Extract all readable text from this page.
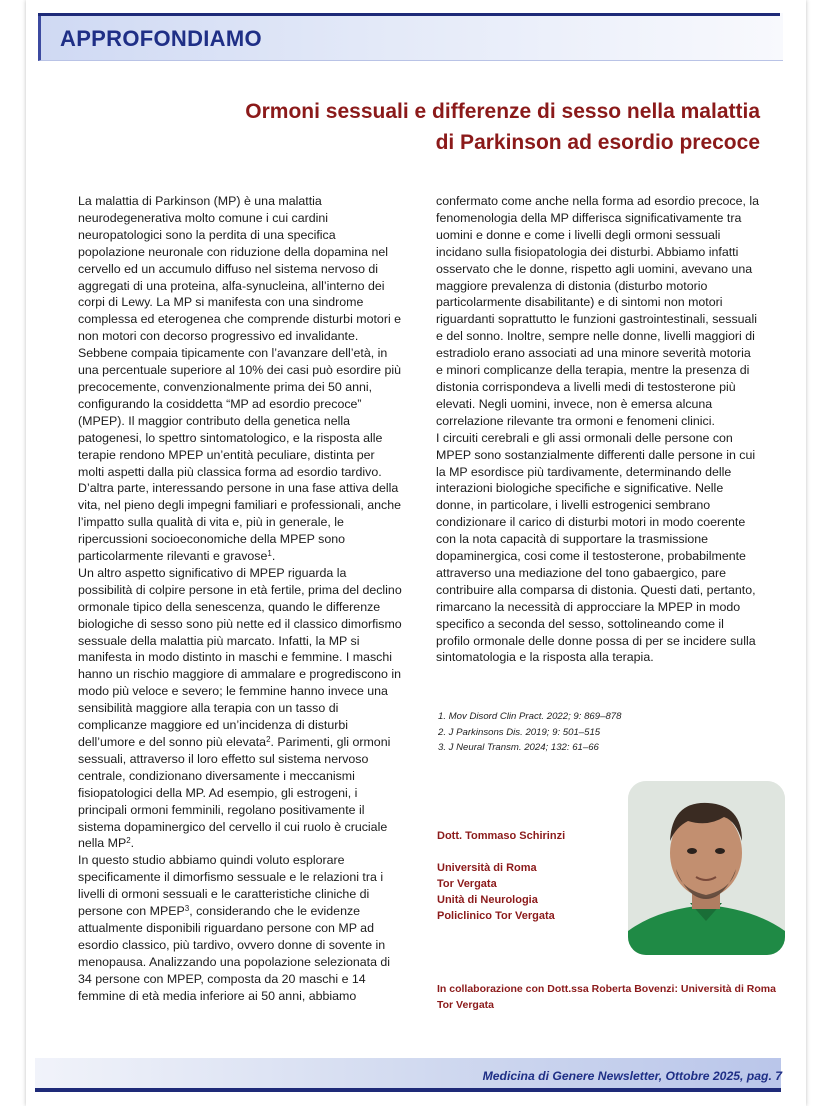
APPROFONDIAMO
Ormoni sessuali e differenze di sesso nella malattia
di Parkinson ad esordio precoce

La malattia di Parkinson (MP) è una malattia neurodegenerativa molto comune i cui cardini neuropatologici sono la perdita di una specifica popolazione neuronale con riduzione della dopamina nel cervello ed un accumulo diffuso nel sistema nervoso di aggregati di una proteina, alfa-synucleina, all’interno dei corpi di Lewy. La MP si manifesta con una sindrome complessa ed eterogenea che comprende disturbi motori e non motori con decorso progressivo ed invalidante. Sebbene compaia tipicamente con l’avanzare dell’età, in una percentuale superiore al 10% dei casi può esordire più precocemente, convenzionalmente prima dei 50 anni, configurando la cosiddetta “MP ad esordio precoce” (MPEP). Il maggior contributo della genetica nella patogenesi, lo spettro sintomatologico, e la risposta alle terapie rendono MPEP un’entità peculiare, distinta per molti aspetti dalla più classica forma ad esordio tardivo. D’altra parte, interessando persone in una fase attiva della vita, nel pieno degli impegni familiari e professionali, anche l’impatto sulla qualità di vita e, più in generale, le ripercussioni socioeconomiche della MPEP sono particolarmente rilevanti e gravose$^1$.

Un altro aspetto significativo di MPEP riguarda la possibilità di colpire persone in età fertile, prima del declino ormonale tipico della senescenza, quando le differenze biologiche di sesso sono più nette ed il classico dimorfismo sessuale della malattia più marcato. Infatti, la MP si manifesta in modo distinto in maschi e femmine. I maschi hanno un rischio maggiore di ammalare e progrediscono in modo più veloce e severo; le femmine hanno invece una sensibilità maggiore alla terapia con un tasso di complicanze maggiore ed un’incidenza di disturbi dell’umore e del sonno più elevata$^2$. Parimenti, gli ormoni sessuali, attraverso il loro effetto sul sistema nervoso centrale, condizionano diversamente i meccanismi fisiopatologici della MP. Ad esempio, gli estrogeni, i principali ormoni femminili, regolano positivamente il sistema dopaminergico del cervello il cui ruolo è cruciale nella $MP^2$.

In questo studio abbiamo quindi voluto esplorare specificamente il dimorfismo sessuale e le relazioni tra i livelli di ormoni sessuali e le caratteristiche cliniche di persone con MPEP$^3$, considerando che le evidenze attualmente disponibili riguardano persone con MP ad esordio classico, più tardivo, ovvero donne di sovente in menopausa. Analizzando una popolazione selezionata di 34 persone con MPEP, composta da 20 maschi e 14 femmine di età media inferiore ai 50 anni, abbiamo

confermato come anche nella forma ad esordio precoce, la fenomenologia della MP differisca significativamente tra uomini e donne e come i livelli degli ormoni sessuali incidano sulla fisiopatologia dei disturbi. Abbiamo infatti osservato che le donne, rispetto agli uomini, avevano una maggiore prevalenza di distonia (disturbo motorio particolarmente disabilitante) e di sintomi non motori riguardanti soprattutto le funzioni gastrointestinali, sessuali e del sonno. Inoltre, sempre nelle donne, livelli maggiori di estradiolo erano associati ad una minore severità motoria e minori complicanze della terapia, mentre la presenza di distonia corrispondeva a livelli medi di testosterone più elevati. Negli uomini, invece, non è emersa alcuna correlazione rilevante tra ormoni e fenomeni clinici.

I circuiti cerebrali e gli assi ormonali delle persone con MPEP sono sostanzialmente differenti dalle persone in cui la MP esordisce più tardivamente, determinando delle interazioni biologiche specifiche e significative. Nelle donne, in particolare, i livelli estrogenici sembrano condizionare il carico di disturbi motori in modo coerente con la nota capacità di supportare la trasmissione dopaminergica, cosi come il testosterone, probabilmente attraverso una mediazione del tono gabaergico, pare contribuire alla comparsa di distonia. Questi dati, pertanto, rimarcano la necessità di approcciare la MPEP in modo specifico a seconda del sesso, sottolineando come il profilo ormonale delle donne possa di per se incidere sulla sintomatologia e la risposta alla terapia.

1. Mov Disord Clin Pract. 2022; 9: 869–878
2. J Parkinsons Dis. 2019; 9: 501–515
3. J Neural Transm. 2024; 132: 61–66
Dott. Tommaso Schirinzi
Università di Roma
Tor Vergata
Unità di Neurologia
Policlinico Tor Vergata
In collaborazione con Dott.ssa Roberta Bovenzi: Università di Roma Tor Vergata
Medicina di Genere Newsletter, Ottobre 2025, pag. 7
